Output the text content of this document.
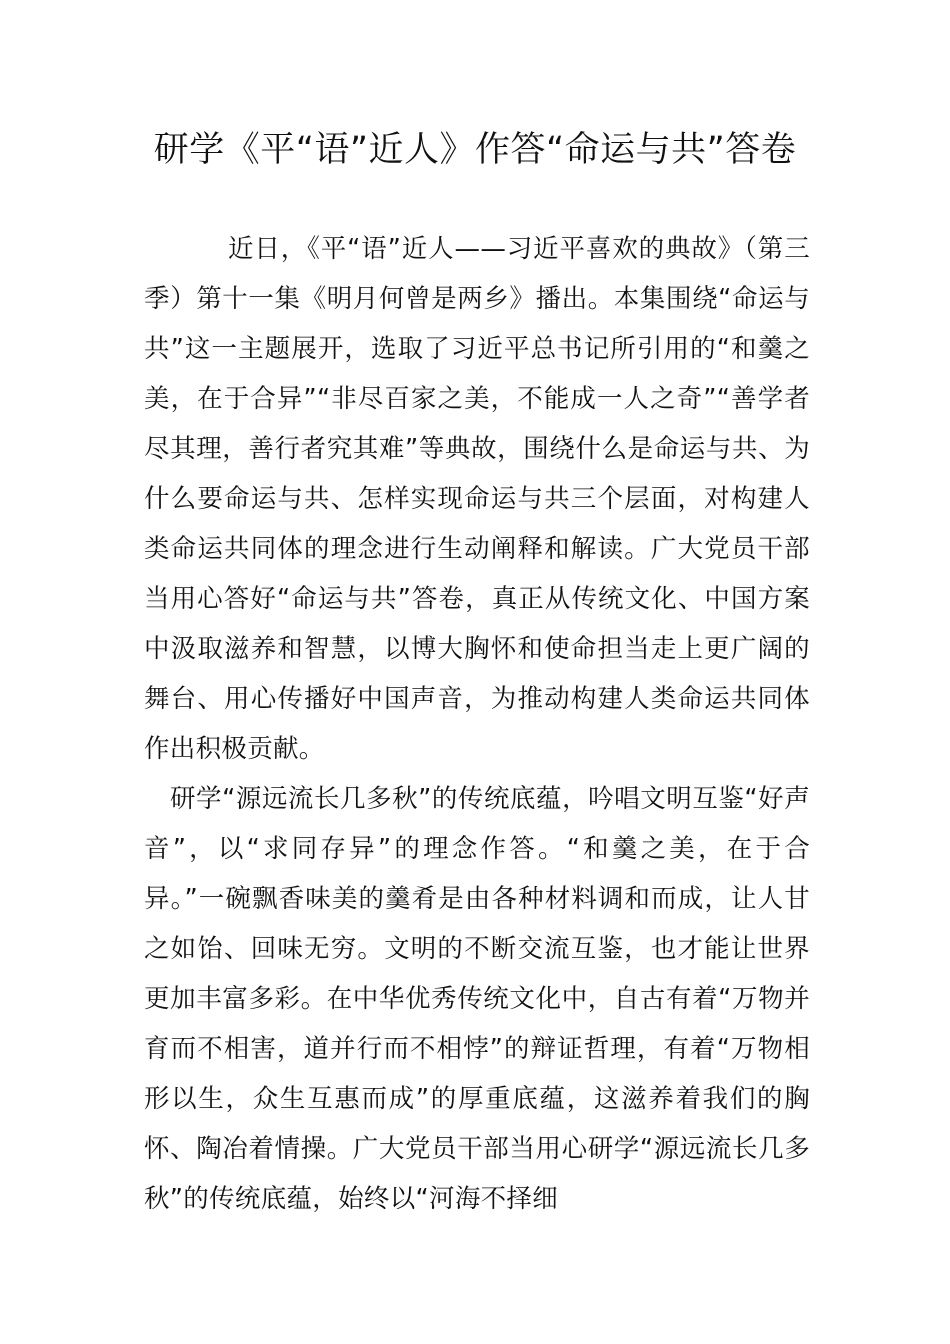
研学《平“语”近人》作答“命运与共”答卷

近日，《平“语”近人——习近平喜欢的典故》（第三季）第十一集《明月何曾是两乡》播出。本集围绕“命运与共”这一主题展开，选取了习近平总书记所引用的“和羹之美，在于合异”“非尽百家之美，不能成一人之奇”“善学者尽其理，善行者究其难”等典故，围绕什么是命运与共、为什么要命运与共、怎样实现命运与共三个层面，对构建人类命运共同体的理念进行生动阐释和解读。广大党员干部当用心答好“命运与共”答卷，真正从传统文化、中国方案中汲取滋养和智慧，以博大胸怀和使命担当走上更广阔的舞台、用心传播好中国声音，为推动构建人类命运共同体作出积极贡献。

研学“源远流长几多秋”的传统底蕴，吟唱文明互鉴“好声音”，以“求同存异”的理念作答。“和羹之美，在于合异。”一碗飘香味美的羹肴是由各种材料调和而成，让人甘之如饴、回味无穷。文明的不断交流互鉴，也才能让世界更加丰富多彩。在中华优秀传统文化中，自古有着“万物并育而不相害，道并行而不相悖”的辩证哲理，有着“万物相形以生，众生互惠而成”的厚重底蕴，这滋养着我们的胸怀、陶冶着情操。广大党员干部当用心研学“源远流长几多秋”的传统底蕴，始终以“河海不择细
